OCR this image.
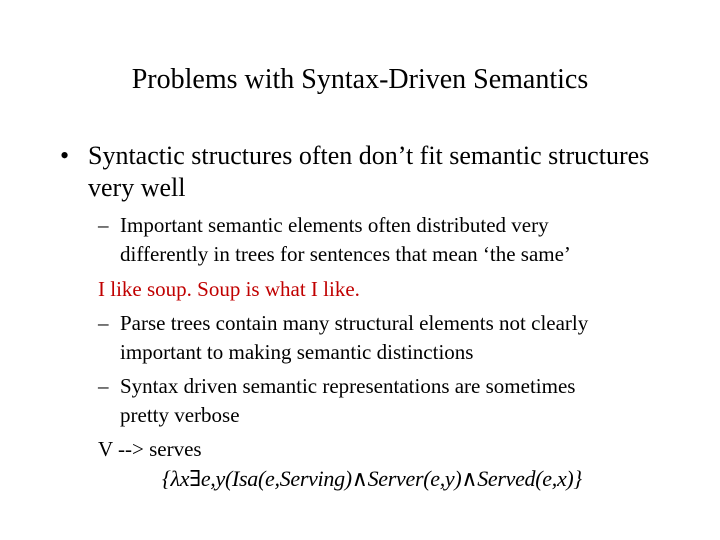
Problems with Syntax-Driven Semantics
• Syntactic structures often don’t fit semantic structures very well
– Important semantic elements often distributed very
differently in trees for sentences that mean ‘the same’
I like soup. Soup is what I like.
– Parse trees contain many structural elements not clearly
important to making semantic distinctions
– Syntax driven semantic representations are sometimes
pretty verbose
V --> serves
{λx∃e,y(Isa(e,Serving)∧Server(e,y)∧Served(e,x)}
